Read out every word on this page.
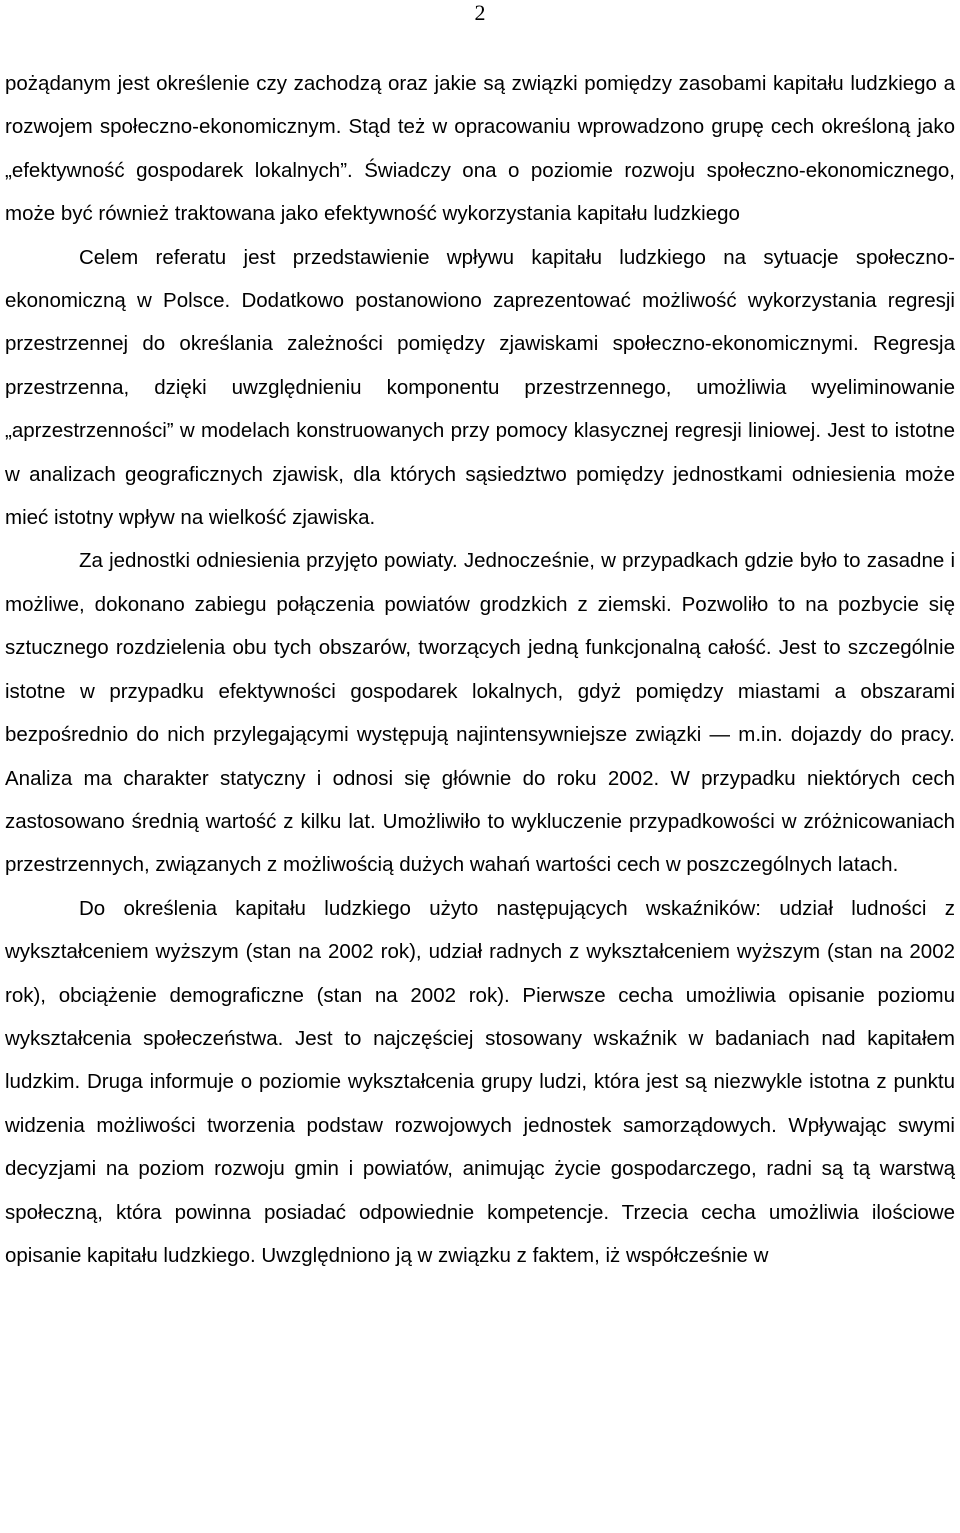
2

pożądanym jest określenie czy zachodzą oraz jakie są związki pomiędzy zasobami kapitału ludzkiego a rozwojem społeczno-ekonomicznym. Stąd też w opracowaniu wprowadzono grupę cech określoną jako „efektywność gospodarek lokalnych”. Świadczy ona o poziomie rozwoju społeczno-ekonomicznego, może być również traktowana jako efektywność wykorzystania kapitału ludzkiego

Celem referatu jest przedstawienie wpływu kapitału ludzkiego na sytuacje społeczno-ekonomiczną w Polsce. Dodatkowo postanowiono zaprezentować możliwość wykorzystania regresji przestrzennej do określania zależności pomiędzy zjawiskami społeczno-ekonomicznymi. Regresja przestrzenna, dzięki uwzględnieniu komponentu przestrzennego, umożliwia wyeliminowanie „aprzestrzenności” w modelach konstruowanych przy pomocy klasycznej regresji liniowej. Jest to istotne w analizach geograficznych zjawisk, dla których sąsiedztwo pomiędzy jednostkami odniesienia może mieć istotny wpływ na wielkość zjawiska.

Za jednostki odniesienia przyjęto powiaty. Jednocześnie, w przypadkach gdzie było to zasadne i możliwe, dokonano zabiegu połączenia powiatów grodzkich z ziemski. Pozwoliło to na pozbycie się sztucznego rozdzielenia obu tych obszarów, tworzących jedną funkcjonalną całość. Jest to szczególnie istotne w przypadku efektywności gospodarek lokalnych, gdyż pomiędzy miastami a obszarami bezpośrednio do nich przylegającymi występują najintensywniejsze związki — m.in. dojazdy do pracy. Analiza ma charakter statyczny i odnosi się głównie do roku 2002. W przypadku niektórych cech zastosowano średnią wartość z kilku lat. Umożliwiło to wykluczenie przypadkowości w zróżnicowaniach przestrzennych, związanych z możliwością dużych wahań wartości cech w poszczególnych latach.

Do określenia kapitału ludzkiego użyto następujących wskaźników: udział ludności z wykształceniem wyższym (stan na 2002 rok), udział radnych z wykształceniem wyższym (stan na 2002 rok), obciążenie demograficzne (stan na 2002 rok). Pierwsze cecha umożliwia opisanie poziomu wykształcenia społeczeństwa. Jest to najczęściej stosowany wskaźnik w badaniach nad kapitałem ludzkim. Druga informuje o poziomie wykształcenia grupy ludzi, która jest są niezwykle istotna z punktu widzenia możliwości tworzenia podstaw rozwojowych jednostek samorządowych. Wpływając swymi decyzjami na poziom rozwoju gmin i powiatów, animując życie gospodarczego, radni są tą warstwą społeczną, która powinna posiadać odpowiednie kompetencje. Trzecia cecha umożliwia ilościowe opisanie kapitału ludzkiego. Uwzględniono ją w związku z faktem, iż współcześnie w
